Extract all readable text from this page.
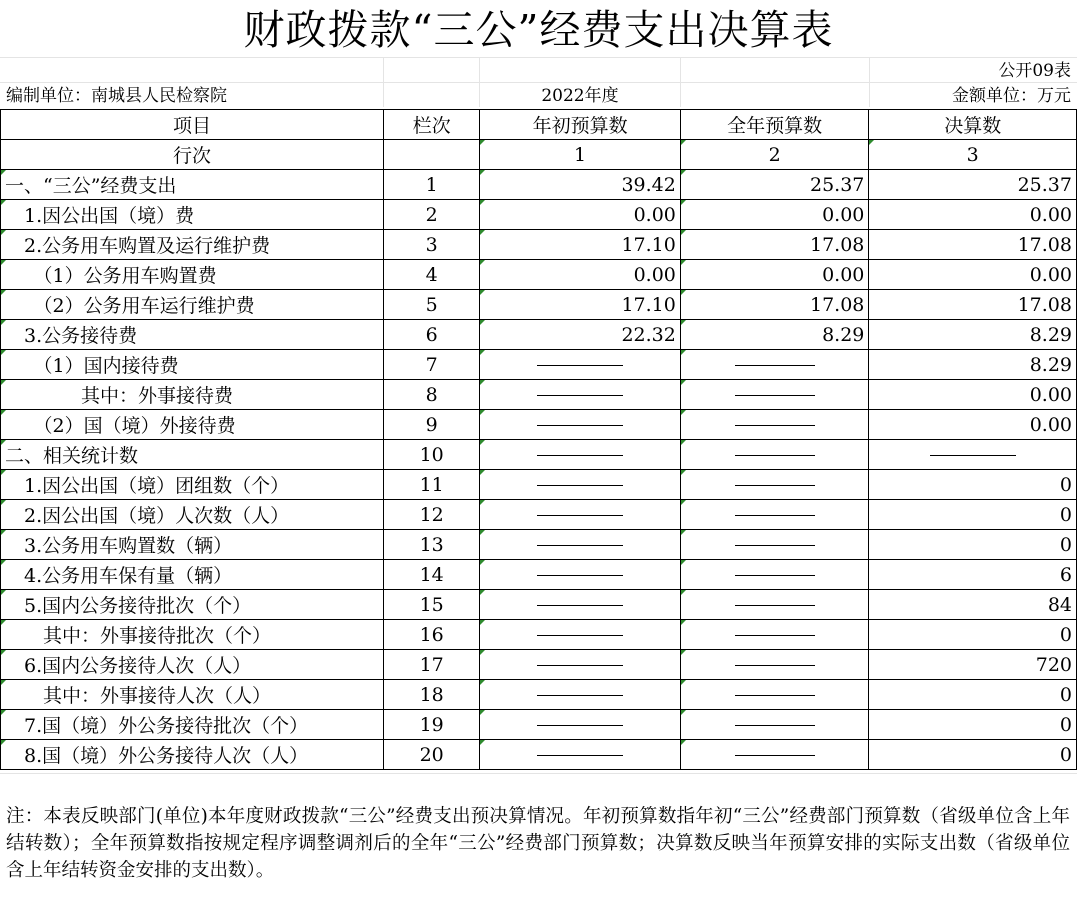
财政拨款“三公”经费支出决算表
公开09表
编制单位：南城县人民检察院	2022年度	金额单位：万元
项目	栏次	年初预算数	全年预算数	决算数
行次		1	2	3
一、“三公”经费支出	1	39.42	25.37	25.37
　1.因公出国（境）费	2	0.00	0.00	0.00
　2.公务用车购置及运行维护费	3	17.10	17.08	17.08
　　（1）公务用车购置费	4	0.00	0.00	0.00
　　（2）公务用车运行维护费	5	17.10	17.08	17.08
　3.公务接待费	6	22.32	8.29	8.29
　　（1）国内接待费	7			8.29
　　　　其中：外事接待费	8			0.00
　　（2）国（境）外接待费	9			0.00
二、相关统计数	10			
　1.因公出国（境）团组数（个）	11			0
　2.因公出国（境）人次数（人）	12			0
　3.公务用车购置数（辆）	13			0
　4.公务用车保有量（辆）	14			6
　5.国内公务接待批次（个）	15			84
　　其中：外事接待批次（个）	16			0
　6.国内公务接待人次（人）	17			720
　　其中：外事接待人次（人）	18			0
　7.国（境）外公务接待批次（个）	19			0
　8.国（境）外公务接待人次（人）	20			0
注：本表反映部门(单位)本年度财政拨款“三公”经费支出预决算情况。年初预算数指年初“三公”经费部门预算数（省级单位含上年结转数）；全年预算数指按规定程序调整调剂后的全年“三公”经费部门预算数；决算数反映当年预算安排的实际支出数（省级单位含上年结转资金安排的支出数）。
